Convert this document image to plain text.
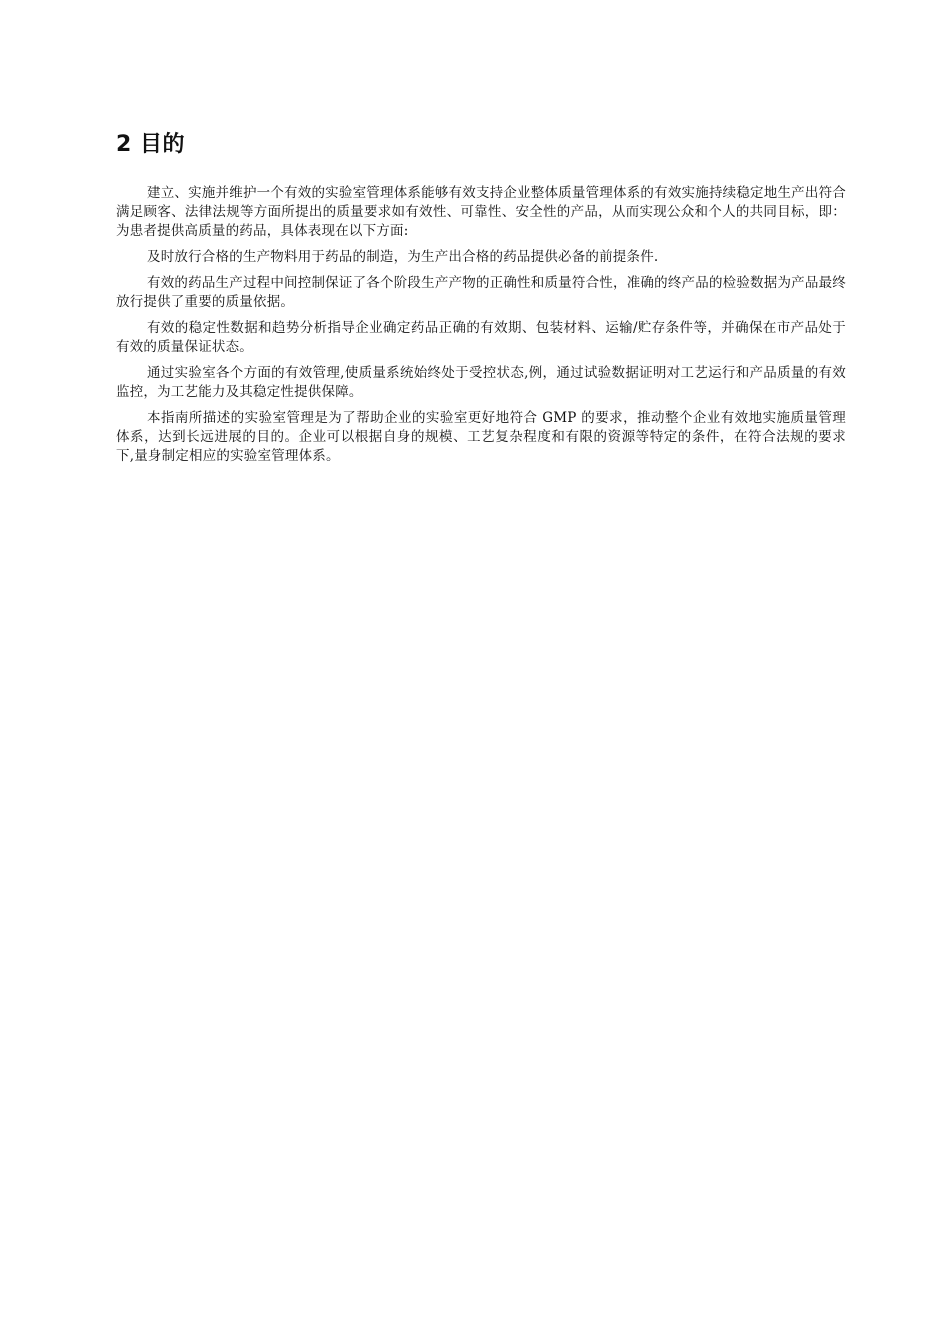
2 目的

建立、实施并维护一个有效的实验室管理体系能够有效支持企业整体质量管理体系的有效实施持续稳定地生产出符合满足顾客、法律法规等方面所提出的质量要求如有效性、可靠性、安全性的产品，从而实现公众和个人的共同目标，即：为患者提供高质量的药品，具体表现在以下方面:

及时放行合格的生产物料用于药品的制造，为生产出合格的药品提供必备的前提条件.

有效的药品生产过程中间控制保证了各个阶段生产产物的正确性和质量符合性，准确的终产品的检验数据为产品最终放行提供了重要的质量依据。

有效的稳定性数据和趋势分析指导企业确定药品正确的有效期、包装材料、运输/贮存条件等，并确保在市产品处于有效的质量保证状态。

通过实验室各个方面的有效管理,使质量系统始终处于受控状态,例，通过试验数据证明对工艺运行和产品质量的有效监控，为工艺能力及其稳定性提供保障。

本指南所描述的实验室管理是为了帮助企业的实验室更好地符合 GMP 的要求，推动整个企业有效地实施质量管理体系，达到长远进展的目的。企业可以根据自身的规模、工艺复杂程度和有限的资源等特定的条件，在符合法规的要求下,量身制定相应的实验室管理体系。
